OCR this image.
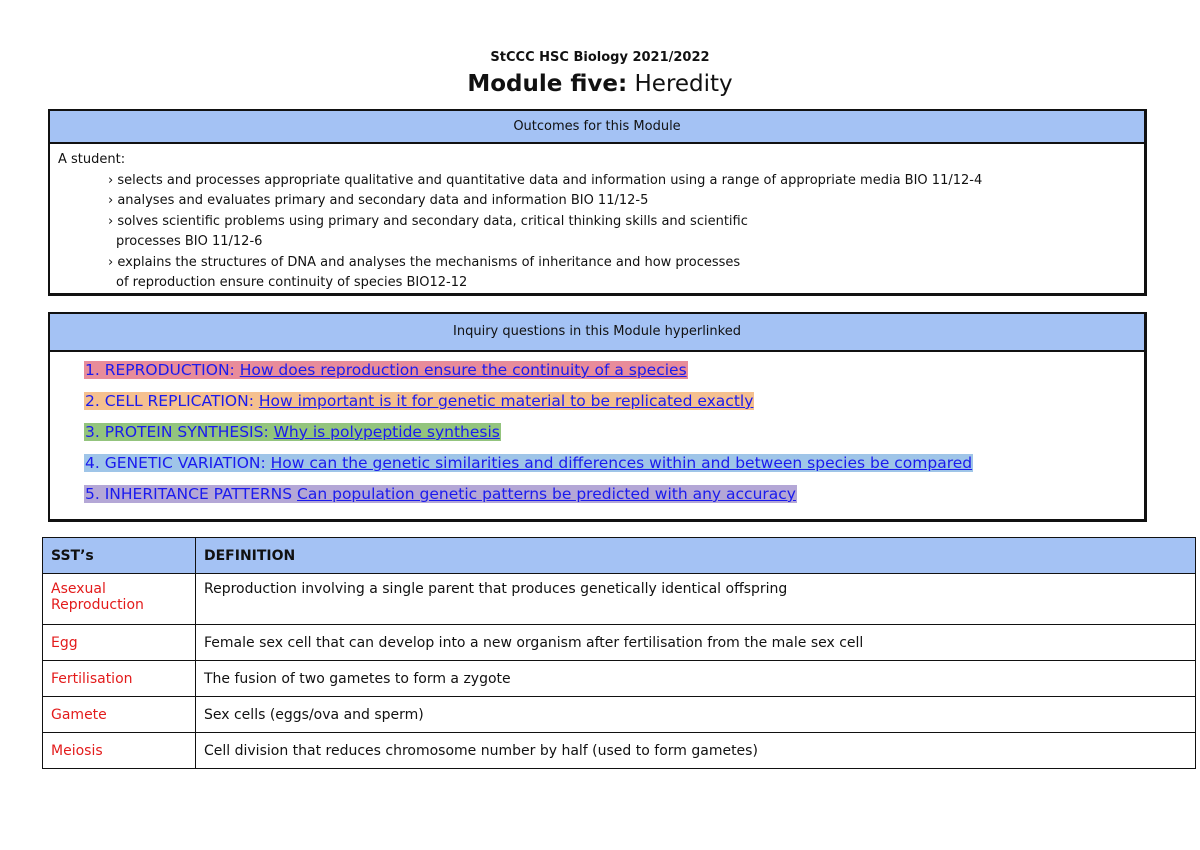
StCCC HSC Biology 2021/2022
Module five: Heredity
Outcomes for this Module
A student:
› selects and processes appropriate qualitative and quantitative data and information using a range of appropriate media BIO 11/12-4
› analyses and evaluates primary and secondary data and information BIO 11/12-5
› solves scientific problems using primary and secondary data, critical thinking skills and scientific
processes BIO 11/12-6
› explains the structures of DNA and analyses the mechanisms of inheritance and how processes
of reproduction ensure continuity of species BIO12-12
Inquiry questions in this Module hyperlinked
1. REPRODUCTION: How does reproduction ensure the continuity of a species
2. CELL REPLICATION: How important is it for genetic material to be replicated exactly
3. PROTEIN SYNTHESIS: Why is polypeptide synthesis
4. GENETIC VARIATION: How can the genetic similarities and differences within and between species be compared
5. INHERITANCE PATTERNS Can population genetic patterns be predicted with any accuracy
SST’s	DEFINITION
Asexual Reproduction	Reproduction involving a single parent that produces genetically identical offspring
Egg	Female sex cell that can develop into a new organism after fertilisation from the male sex cell
Fertilisation	The fusion of two gametes to form a zygote
Gamete	Sex cells (eggs/ova and sperm)
Meiosis	Cell division that reduces chromosome number by half (used to form gametes)
